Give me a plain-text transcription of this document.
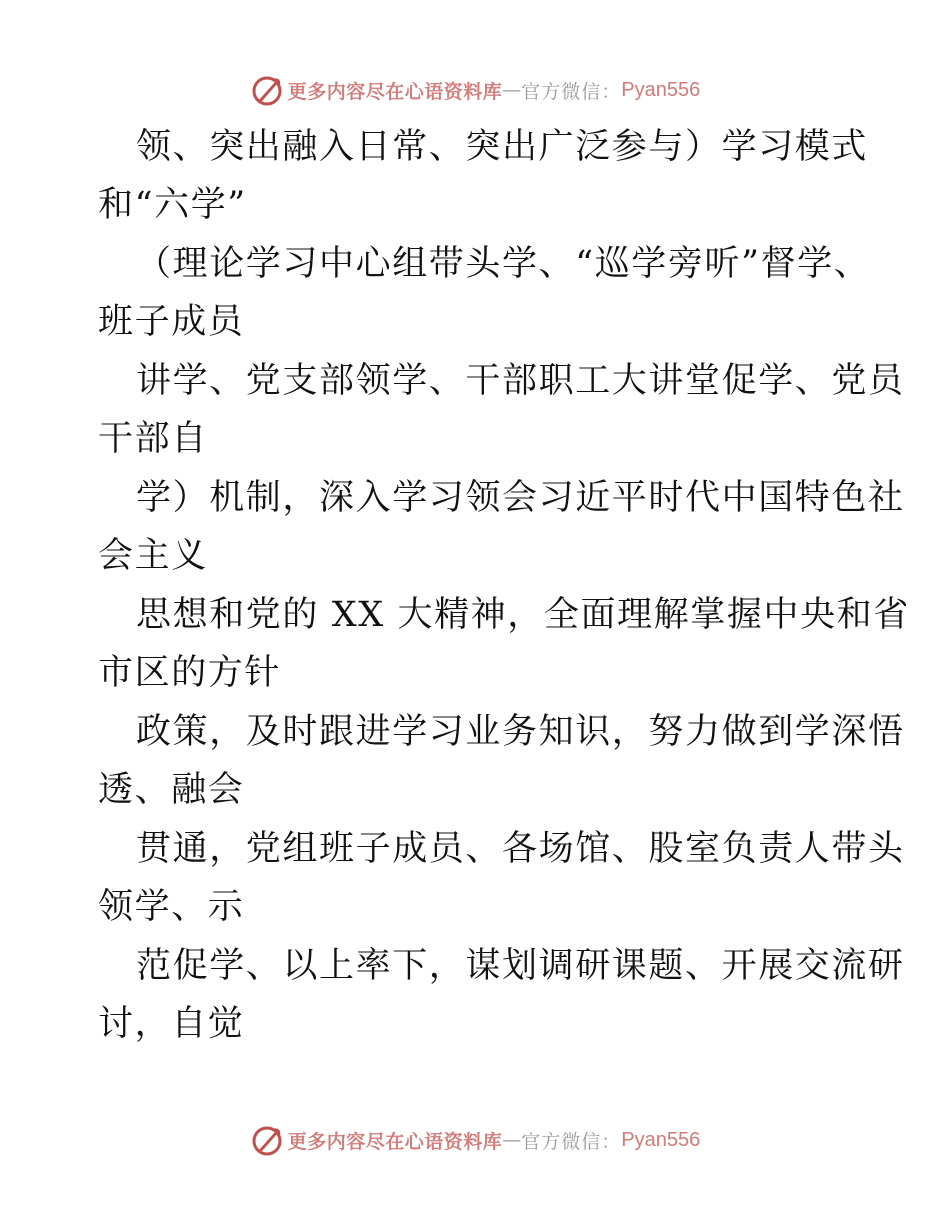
更多内容尽在心语资料库 — 官方微信： Pyan556
领、突出融入日常、突出广泛参与）学习模式
和“六学”
（理论学习中心组带头学、“巡学旁听”督学、
班子成员
讲学、党支部领学、干部职工大讲堂促学、党员
干部自
学）机制，深入学习领会习近平时代中国特色社
会主义
思想和党的 XX 大精神，全面理解掌握中央和省
市区的方针
政策，及时跟进学习业务知识，努力做到学深悟
透、融会
贯通，党组班子成员、各场馆、股室负责人带头
领学、示
范促学、以上率下，谋划调研课题、开展交流研
讨，自觉
更多内容尽在心语资料库 — 官方微信： Pyan556
